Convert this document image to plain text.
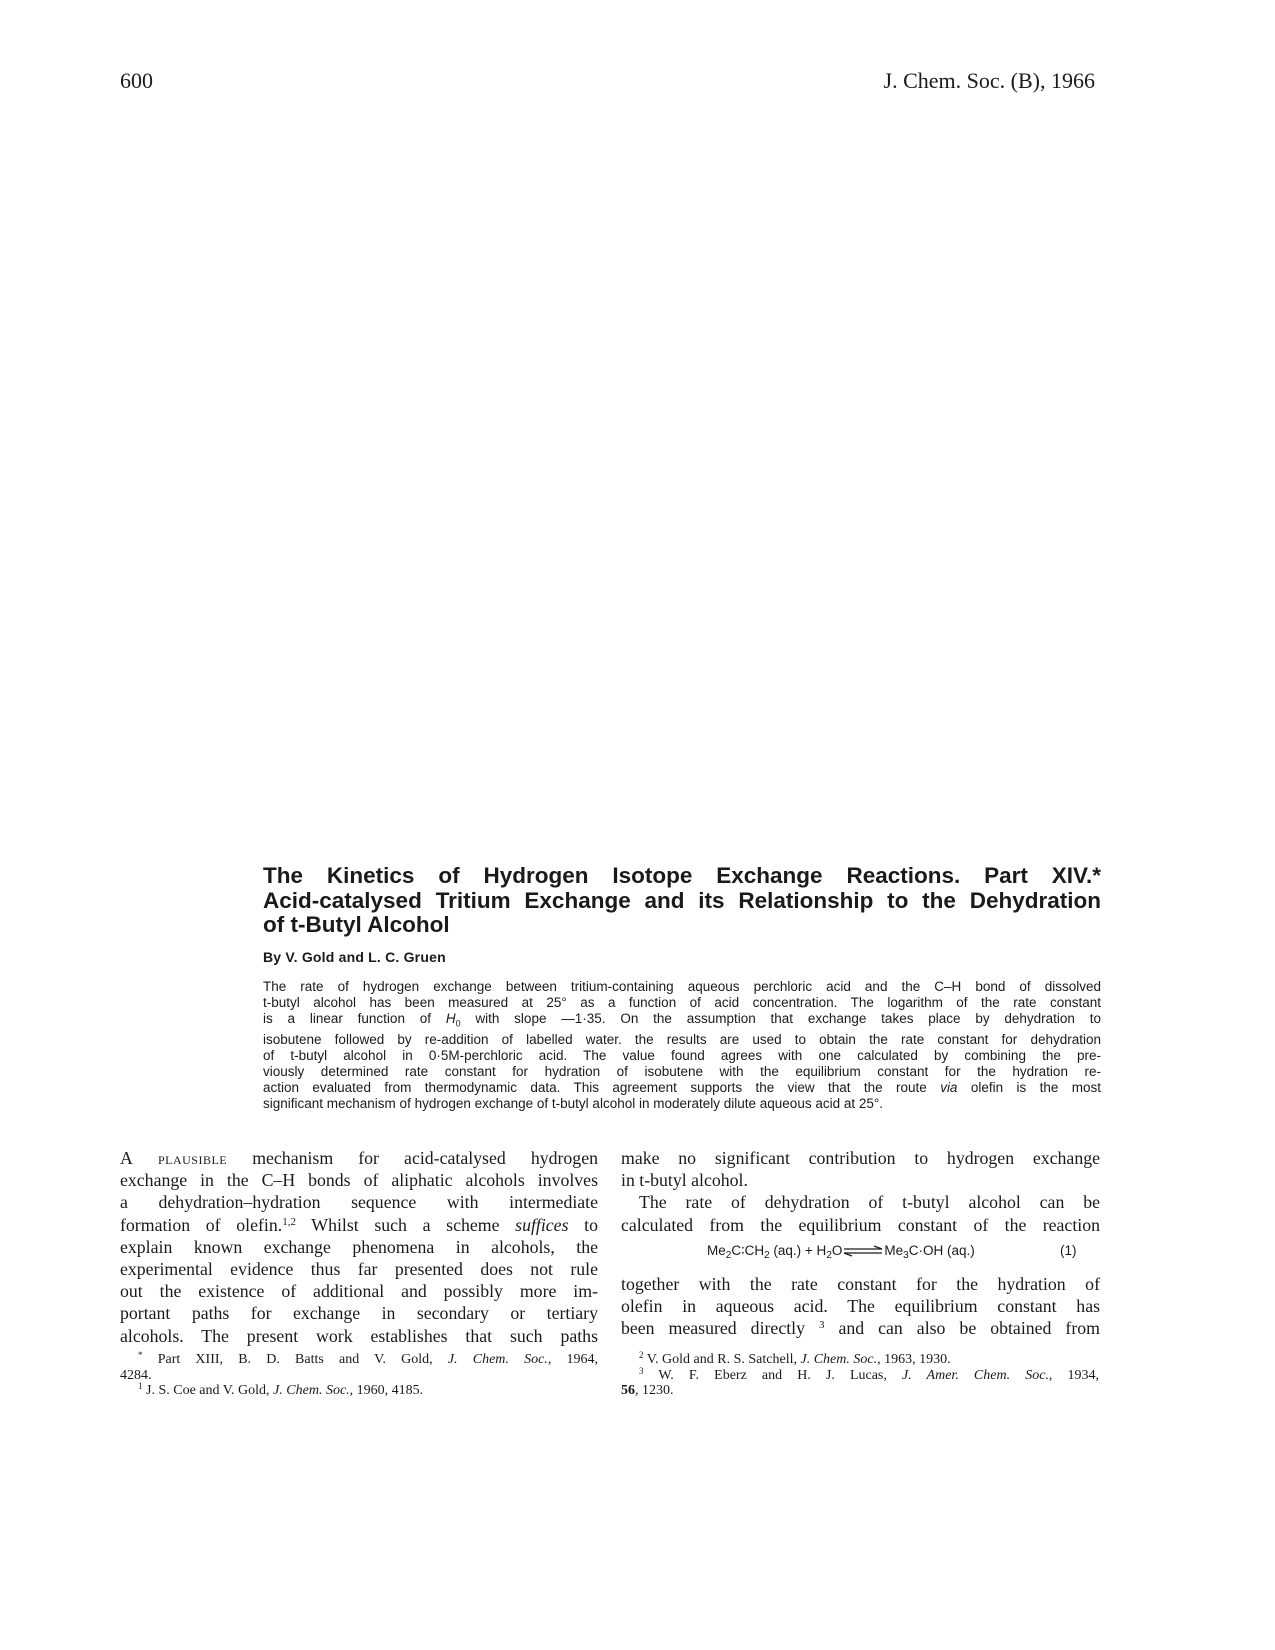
600	J. Chem. Soc. (B), 1966
The Kinetics of Hydrogen Isotope Exchange Reactions. Part XIV.*
Acid-catalysed Tritium Exchange and its Relationship to the Dehydration
of t-Butyl Alcohol
By V. Gold and L. C. Gruen
The rate of hydrogen exchange between tritium-containing aqueous perchloric acid and the C–H bond of dissolved
t-butyl alcohol has been measured at 25° as a function of acid concentration. The logarithm of the rate constant
is a linear function of $H_0$ with slope —1·35. On the assumption that exchange takes place by dehydration to
isobutene followed by re-addition of labelled water. the results are used to obtain the rate constant for dehydration
of t-butyl alcohol in 0·5M-perchloric acid. The value found agrees with one calculated by combining the pre-
viously determined rate constant for hydration of isobutene with the equilibrium constant for the hydration re-
action evaluated from thermodynamic data. This agreement supports the view that the route via olefin is the most
significant mechanism of hydrogen exchange of t-butyl alcohol in moderately dilute aqueous acid at 25°.
A plausible mechanism for acid-catalysed hydrogen
exchange in the C–H bonds of aliphatic alcohols involves
a dehydration–hydration sequence with intermediate
formation of olefin.$^{1,2}$ Whilst such a scheme suffices to
explain known exchange phenomena in alcohols, the
experimental evidence thus far presented does not rule
out the existence of additional and possibly more im-
portant paths for exchange in secondary or tertiary
alcohols. The present work establishes that such paths
make no significant contribution to hydrogen exchange
in t-butyl alcohol.
The rate of dehydration of t-butyl alcohol can be
calculated from the equilibrium constant of the reaction
$Me_2C∶CH_2$ $(aq.) + H_2O\rightleftharpoons Me_3C\cdot OH$ (aq.)	(1)
together with the rate constant for the hydration of
olefin in aqueous acid. The equilibrium constant has
been measured directly $^3$ and can also be obtained from
* Part XIII, B. D. Batts and V. Gold, J. Chem. Soc., 1964,
4284.
$^1$ J. S. Coe and V. Gold, J. Chem. Soc., 1960, 4185.
$^2$ V. Gold and R. S. Satchell, J. Chem. Soc., 1963, 1930.
$^3$ W. F. Eberz and H. J. Lucas, J. Amer. Chem. Soc., 1934,
56, 1230.
